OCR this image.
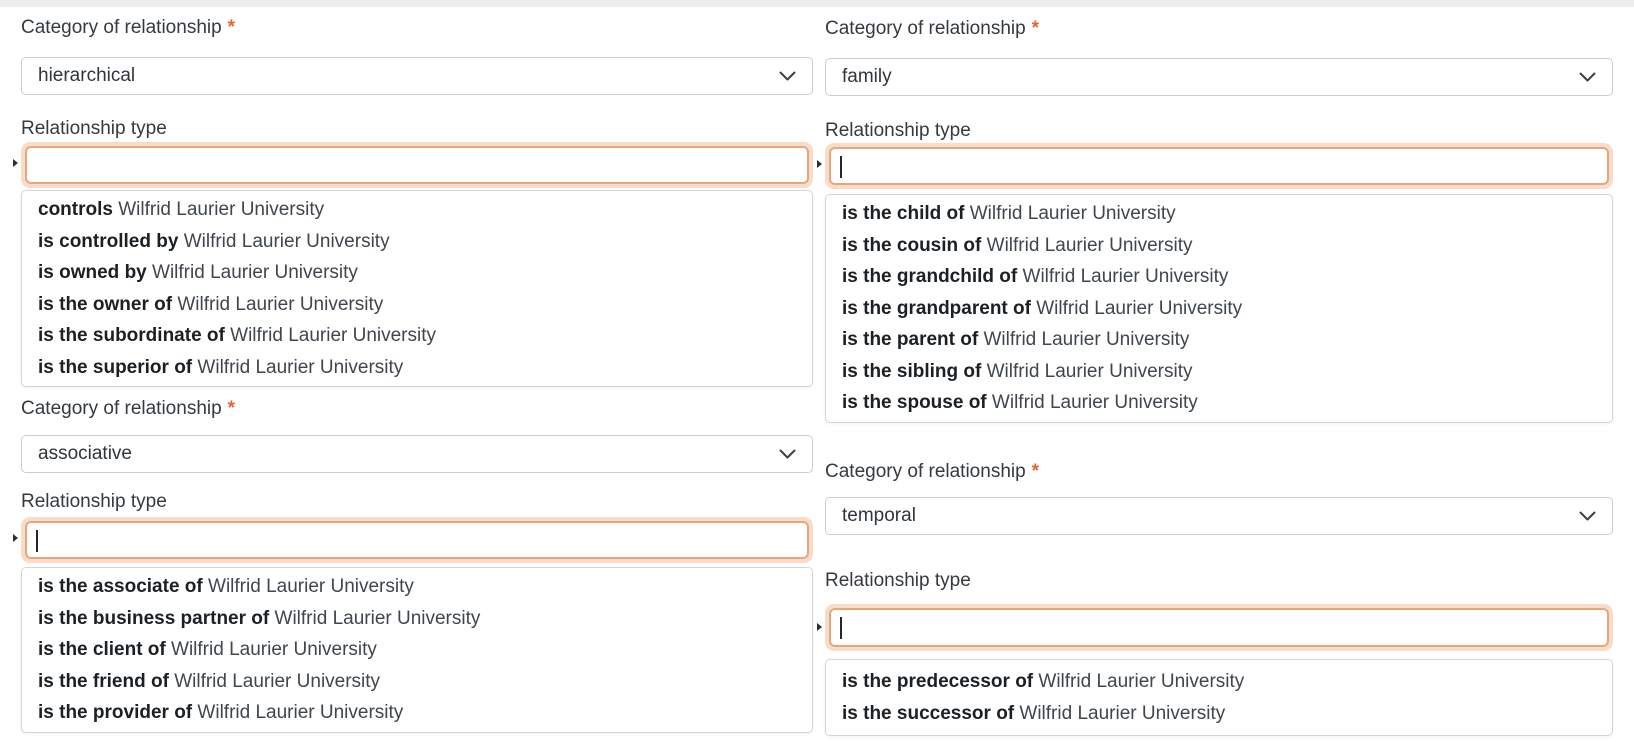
Category of relationship *
hierarchical
Relationship type
controls Wilfrid Laurier University
is controlled by Wilfrid Laurier University
is owned by Wilfrid Laurier University
is the owner of Wilfrid Laurier University
is the subordinate of Wilfrid Laurier University
is the superior of Wilfrid Laurier University
Category of relationship *
family
Relationship type
is the child of Wilfrid Laurier University
is the cousin of Wilfrid Laurier University
is the grandchild of Wilfrid Laurier University
is the grandparent of Wilfrid Laurier University
is the parent of Wilfrid Laurier University
is the sibling of Wilfrid Laurier University
is the spouse of Wilfrid Laurier University
Category of relationship *
associative
Relationship type
is the associate of Wilfrid Laurier University
is the business partner of Wilfrid Laurier University
is the client of Wilfrid Laurier University
is the friend of Wilfrid Laurier University
is the provider of Wilfrid Laurier University
Category of relationship *
temporal
Relationship type
is the predecessor of Wilfrid Laurier University
is the successor of Wilfrid Laurier University
